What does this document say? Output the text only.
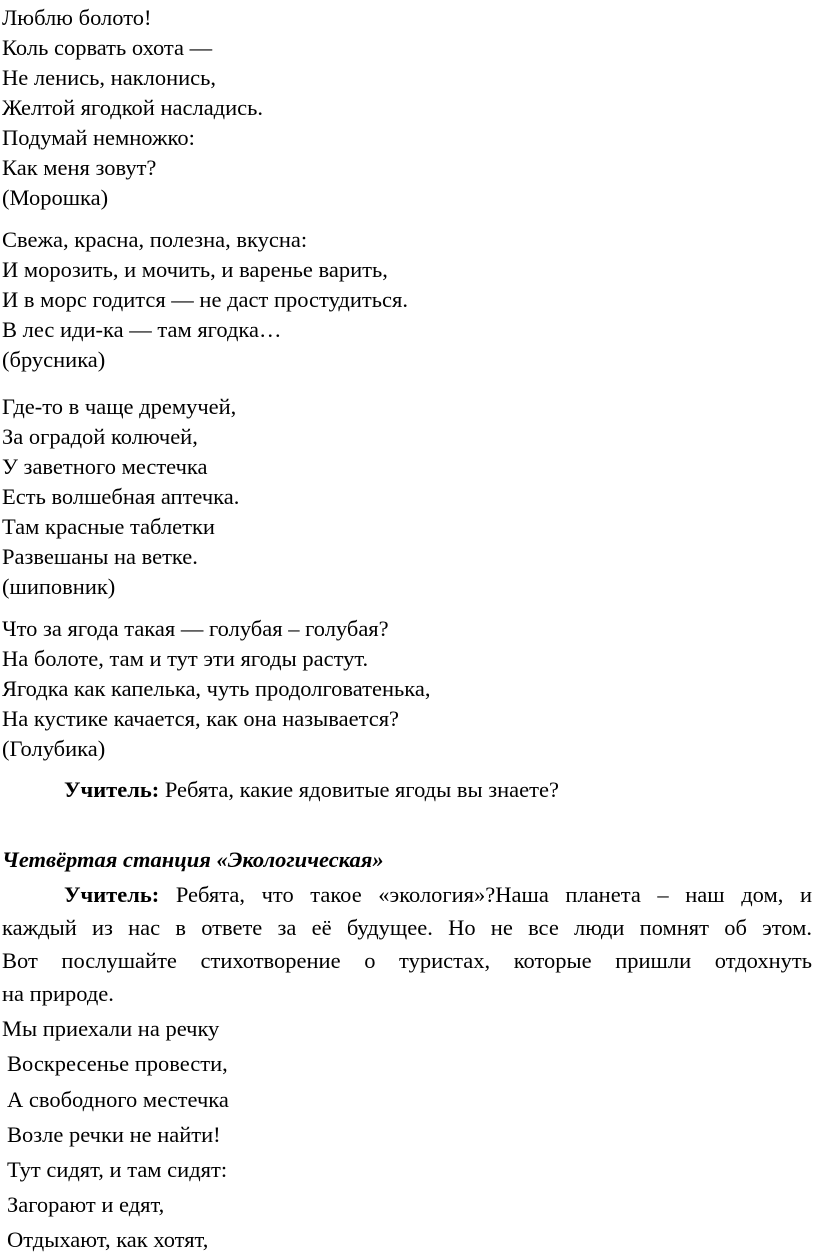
Люблю болото!
Коль сорвать охота —
Не ленись, наклонись,
Желтой ягодкой насладись.
Подумай немножко:
Как меня зовут?
(Морошка)
Свежа, красна, полезна, вкусна:
И морозить, и мочить, и варенье варить,
И в морс годится — не даст простудиться.
В лес иди-ка — там ягодка…
(брусника)
Где-то в чаще дремучей,
За оградой колючей,
У заветного местечка
Есть волшебная аптечка.
Там красные таблетки
Развешаны на ветке.
(шиповник)
Что за ягода такая — голубая – голубая?
На болоте, там и тут эти ягоды растут.
Ягодка как капелька, чуть продолговатенька,
На кустике качается, как она называется?
(Голубика)
Учитель: Ребята, какие ядовитые ягоды вы знаете?
Четвёртая станция «Экологическая»
Учитель: Ребята, что такое «экология»?Наша планета – наш дом, и
каждый из нас в ответе за её будущее. Но не все люди помнят об этом.
Вот послушайте стихотворение о туристах, которые пришли отдохнуть
на природе.
Мы приехали на речку
Воскресенье провести,
А свободного местечка
Возле речки не найти!
Тут сидят, и там сидят:
Загорают и едят,
Отдыхают, как хотят,
